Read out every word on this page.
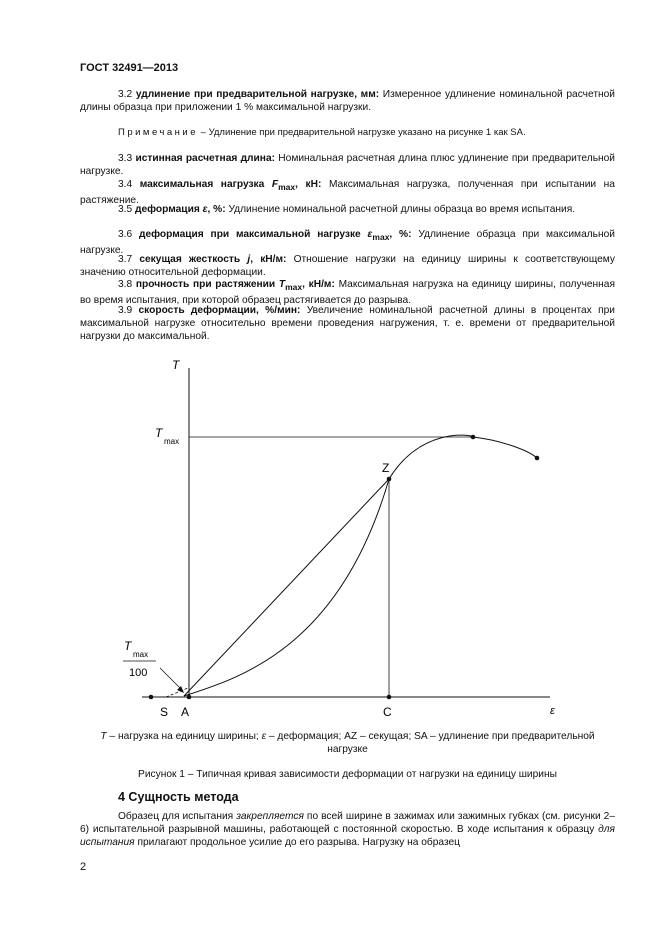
ГОСТ 32491—2013

3.2 удлинение при предварительной нагрузке, мм: Измеренное удлинение номинальной расчетной длины образца при приложении 1 % максимальной нагрузки.

Примечание – Удлинение при предварительной нагрузке указано на рисунке 1 как SA.

3.3 истинная расчетная длина: Номинальная расчетная длина плюс удлинение при предварительной нагрузке.

3.4 максимальная нагрузка $F_{max}$, кН: Максимальная нагрузка, полученная при испытании на растяжение.

3.5 деформация ε, %: Удлинение номинальной расчетной длины образца во время испытания.

3.6 деформация при максимальной нагрузке $\varepsilon_{max}$, %: Удлинение образца при максимальной нагрузке.

3.7 секущая жесткость j, кН/м: Отношение нагрузки на единицу ширины к соответствующему значению относительной деформации.

3.8 прочность при растяжении $T_{max}$, кН/м: Максимальная нагрузка на единицу ширины, полученная во время испытания, при которой образец растягивается до разрыва.

3.9 скорость деформации, %/мин: Увеличение номинальной расчетной длины в процентах при максимальной нагрузке относительно времени проведения нагружения, т. е. времени от предварительной нагрузки до максимальной.

T
ε
T
max
T
max
100
Z
S A	C
T – нагрузка на единицу ширины; ε – деформация; AZ – секущая; SA – удлинение при предварительной нагрузке
Рисунок 1 – Типичная кривая зависимости деформации от нагрузки на единицу ширины
4 Сущность метода

Образец для испытания закрепляется по всей ширине в зажимах или зажимных губках (см. рисунки 2–6) испытательной разрывной машины, работающей с постоянной скоростью. В ходе испытания к образцу для испытания прилагают продольное усилие до его разрыва. Нагрузку на образец

2
